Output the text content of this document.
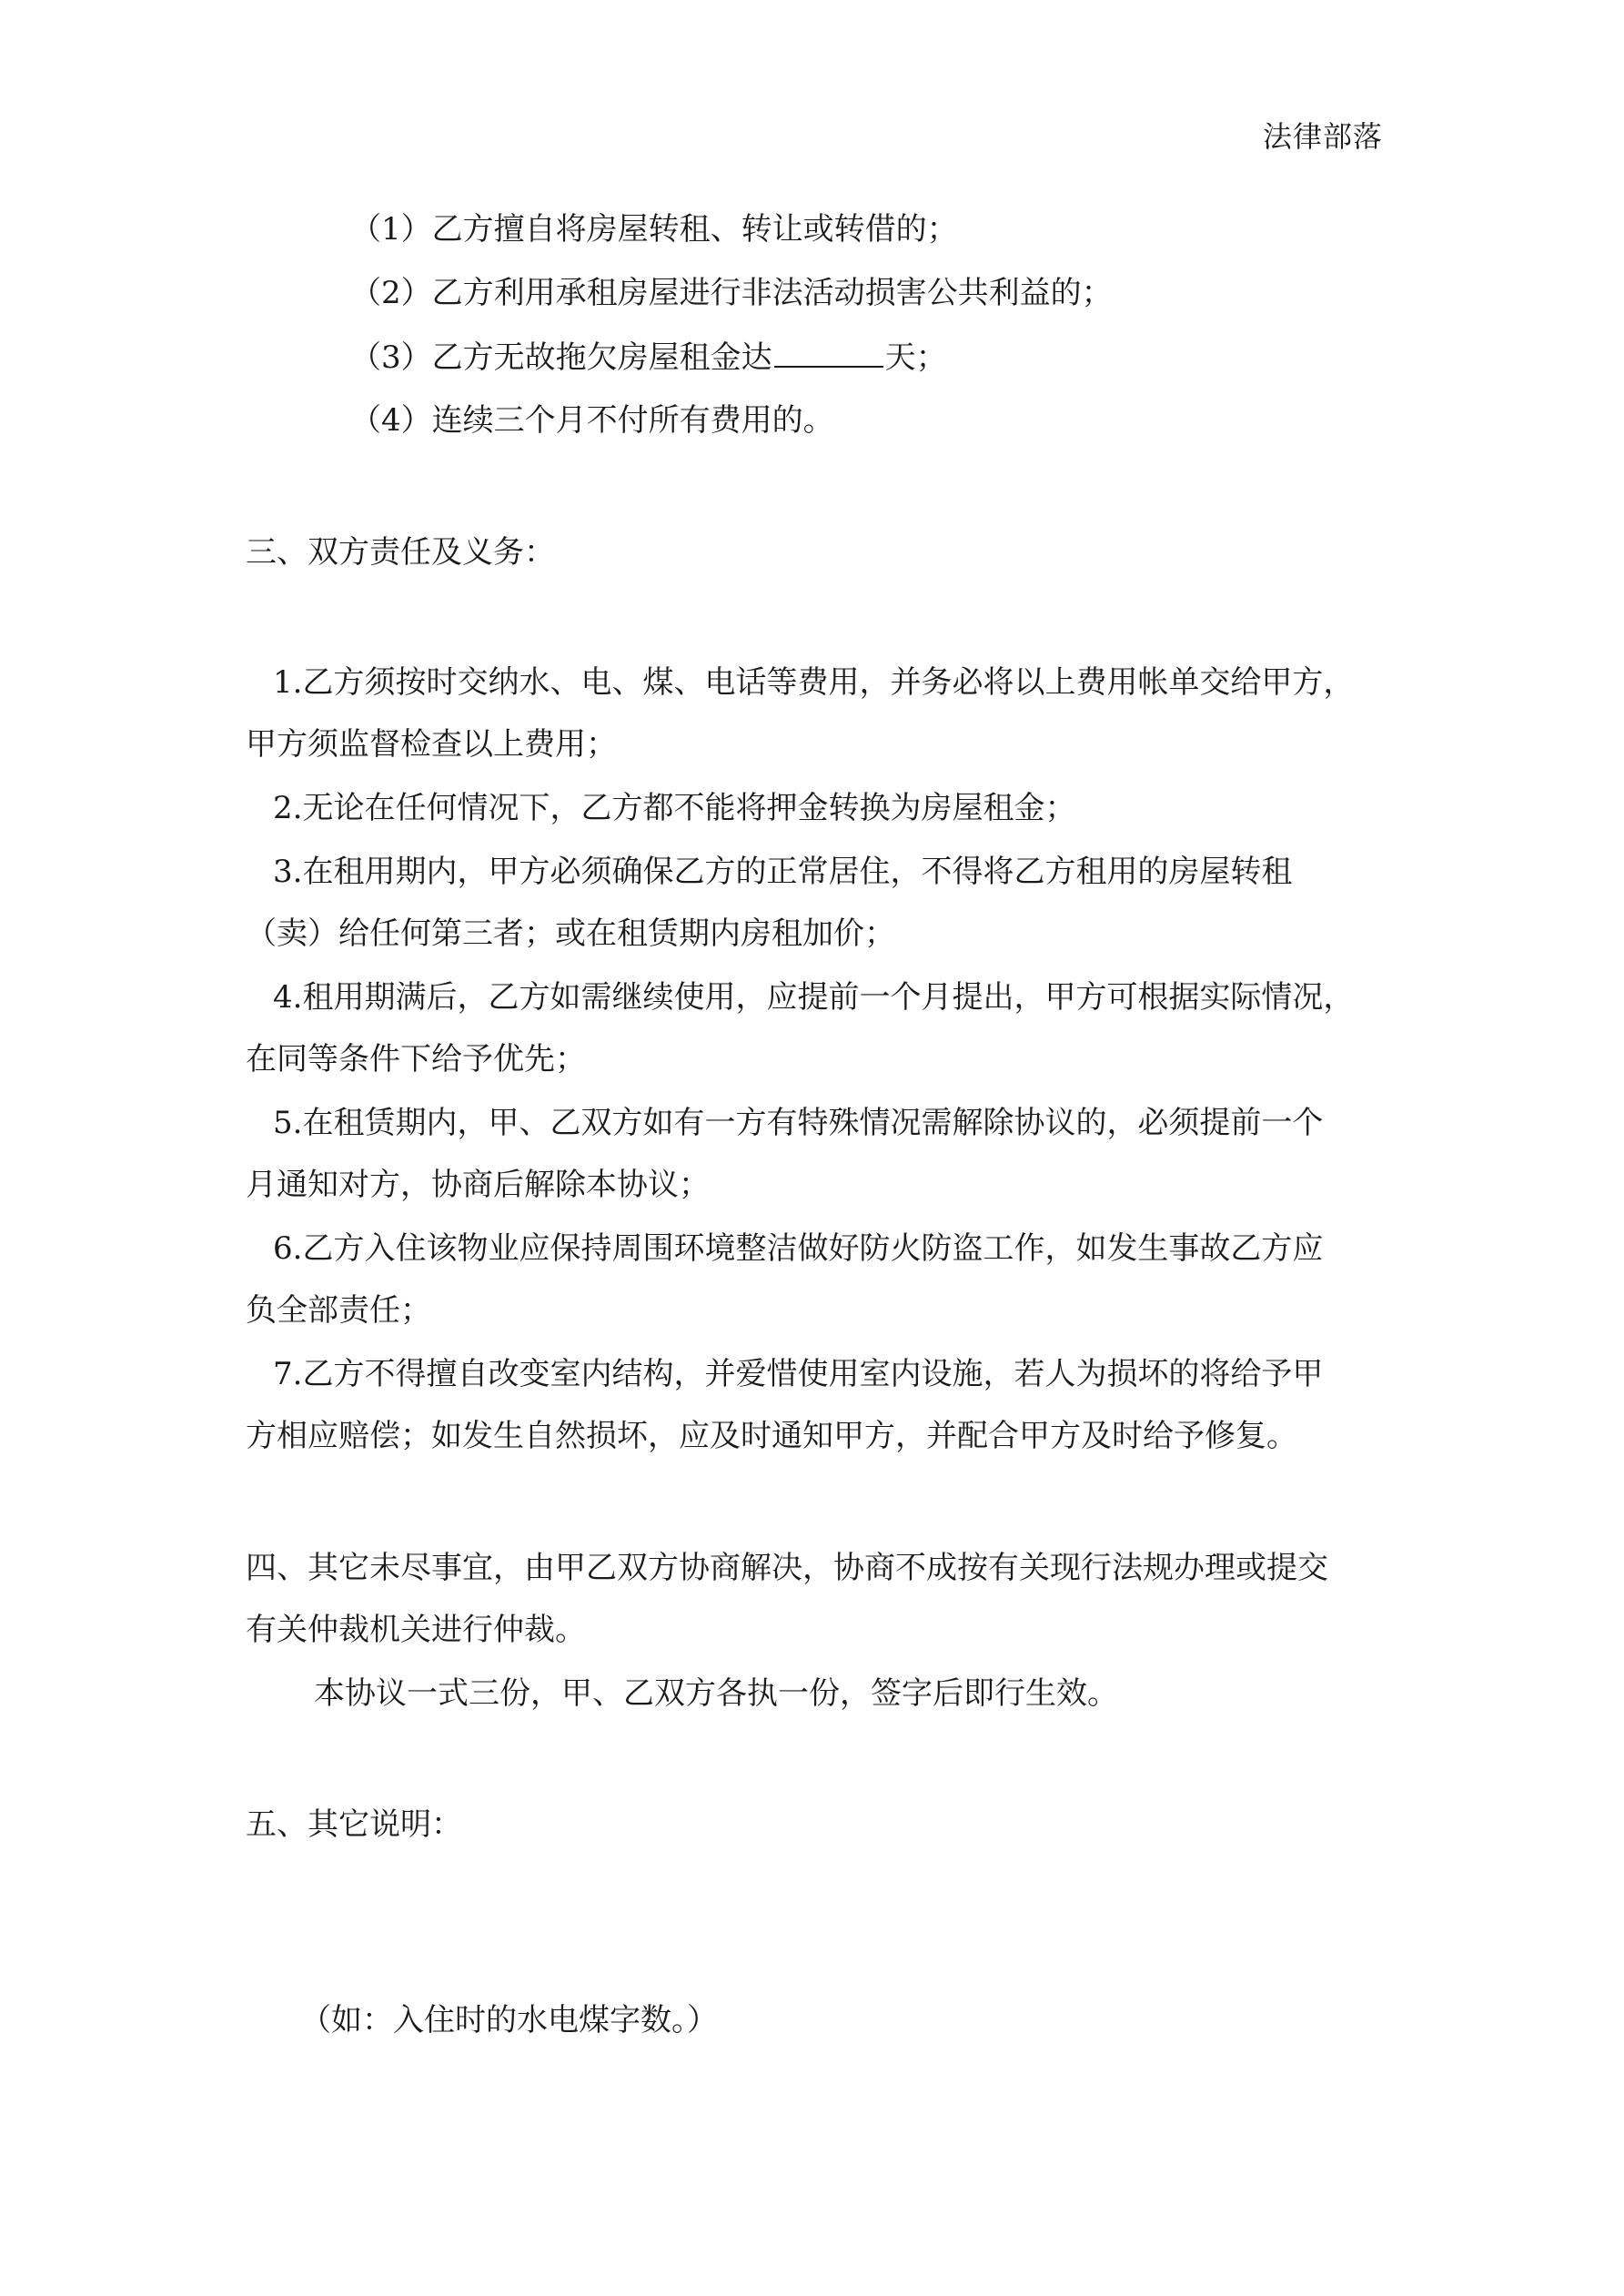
法律部落
（1）乙方擅自将房屋转租、转让或转借的；
（2）乙方利用承租房屋进行非法活动损害公共利益的；
（3）乙方无故拖欠房屋租金达	天；
（4）连续三个月不付所有费用的。
三、双方责任及义务：
1.乙方须按时交纳水、电、煤、电话等费用，并务必将以上费用帐单交给甲方，
甲方须监督检查以上费用；
2.无论在任何情况下，乙方都不能将押金转换为房屋租金；
3.在租用期内，甲方必须确保乙方的正常居住，不得将乙方租用的房屋转租
（卖）给任何第三者；或在租赁期内房租加价；
4.租用期满后，乙方如需继续使用，应提前一个月提出，甲方可根据实际情况，
在同等条件下给予优先；
5.在租赁期内，甲、乙双方如有一方有特殊情况需解除协议的，必须提前一个
月通知对方，协商后解除本协议；
6.乙方入住该物业应保持周围环境整洁做好防火防盗工作，如发生事故乙方应
负全部责任；
7.乙方不得擅自改变室内结构，并爱惜使用室内设施，若人为损坏的将给予甲
方相应赔偿；如发生自然损坏，应及时通知甲方，并配合甲方及时给予修复。
四、其它未尽事宜，由甲乙双方协商解决，协商不成按有关现行法规办理或提交
有关仲裁机关进行仲裁。
本协议一式三份，甲、乙双方各执一份，签字后即行生效。
五、其它说明：
（如：入住时的水电煤字数。）
